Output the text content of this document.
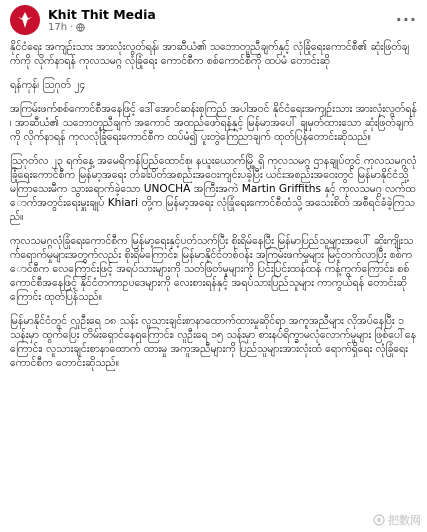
Khit Thit Media
17h ·	···

နိုင်ငံရေး အကျဉ်းသား အားလုံးလွတ်ရန်၊ အာဆီယံ၏ သဘောတူညီချက်နှင့် လုံခြုံရေးကောင်စီ၏ ဆုံးဖြတ်ချက်ကို လိုက်နာရန် ကုလသမဂ္ဂ လုံခြုံရေး ကောင်စီက စစ်ကောင်စီကို ထပ်မံ တောင်းဆို

ရန်ကုန်၊ ဩဂုတ် ၂၄

အကြမ်းဖက်စစ်ကောင်စီအနေဖြင့် ဒေါ်အောင်ဆန်းစုကြည် အပါအဝင် နိုင်ငံရေးအကျဉ်းသား အားလုံးလွတ်ရန်၊ အာဆီယံ၏ သဘောတူညီချက် အကောင် အထည်ဖော်ရန်နှင့် မြန်မာအပေါ် ချမှတ်ထားသော ဆုံးဖြတ်ချက်ကို လိုက်နာရန် ကုလလုံခြုံရေးကောင်စီက ထပ်မံ၍ ပူးတွဲကြေညာချက် ထုတ်ပြန်တောင်းဆိုသည်။

ဩဂုတ်လ ၂၃ ရက်နေ့ အမေရိကန်ပြည်ထောင်စု၊ နယူးယောက်မြို့ ရှိ ကုလသမဂ္ဂ ဌာနချုပ်တွင် ကုလသမဂ္ဂလုံခြုံရေးကောင်စီက မြန်မာ့အရေး တံခါးပိတ်အစည်းအဝေးကျင်းပခဲ့ပြီး ယင်းအစည်းအဝေးတွင် မြန်မာနိုင်ငံသို့ မကြာသေးမီက သွားရောက်ခဲ့သော UNOCHA အကြီးအကဲ Martin Griffiths နှင့် ကုလသမဂ္ဂ လက်ထောက်အတွင်းရေးမှူးချုပ် Khiari တို့က မြန်မာ့အရေး လုံခြုံရေးကောင်စီထံသို့ အသေးစိတ် အစီရင်ခံခဲ့ကြသည်။

ကုလသမဂ္ဂလုံခြုံရေးကောင်စီက မြန်မာ့ရေးနှင့်ပတ်သက်ပြီး စိုးရိမ်နေပြီး မြန်မာပြည်သူများအပေါ် ဆိုးကျိုးသက်ရောက်မှုများအတွက်လည်း စိုးရိမ်ကြောင်း၊ မြန်မာနိုင်ငံတစ်ဝန်း အကြမ်းဖက်မှုများ မြင့်တက်လာပြီး စစ်ကောင်စီက လေကြောင်းဖြင့် အရပ်သားများကို သတ်ဖြတ်မှုများကို ပြင်းပြင်းထန်ထန် ကန့်ကွက်ကြောင်း၊ စစ်ကောင်စီအနေဖြင့် နိုင်ငံတကာဥပဒေများကို လေးစားရန်နှင့် အရပ်သားပြည်သူများ ကာကွယ်ရန် တောင်းဆိုကြောင်း ထုတ်ပြန်သည်။

မြန်မာနိုင်ငံတွင် လူဦးရေ ၁၈ သန်း လူသားချင်းစာနာထောက်ထားမှုဆိုင်ရာ အကူအညီများ လိုအပ်နေပြီး ၁ သန်းမှာ ထွက်ပြေး တိမ်းရှောင်နေရကြောင်း၊ လူဦးရေ ၁၅ သန်းမှာ စားနပ်ရိက္ခာမလုံလောက်မှုများ ဖြစ်ပေါ်နေကြောင်း၊ လူသားချင်းစာနာထောက် ထားမှု အကူအညီများကို ပြည်သူများအားလုံးထံ ရောက်ရှိရေး လုံခြုံရေးကောင်စီက တောင်းဆိုသည်။

把数网
